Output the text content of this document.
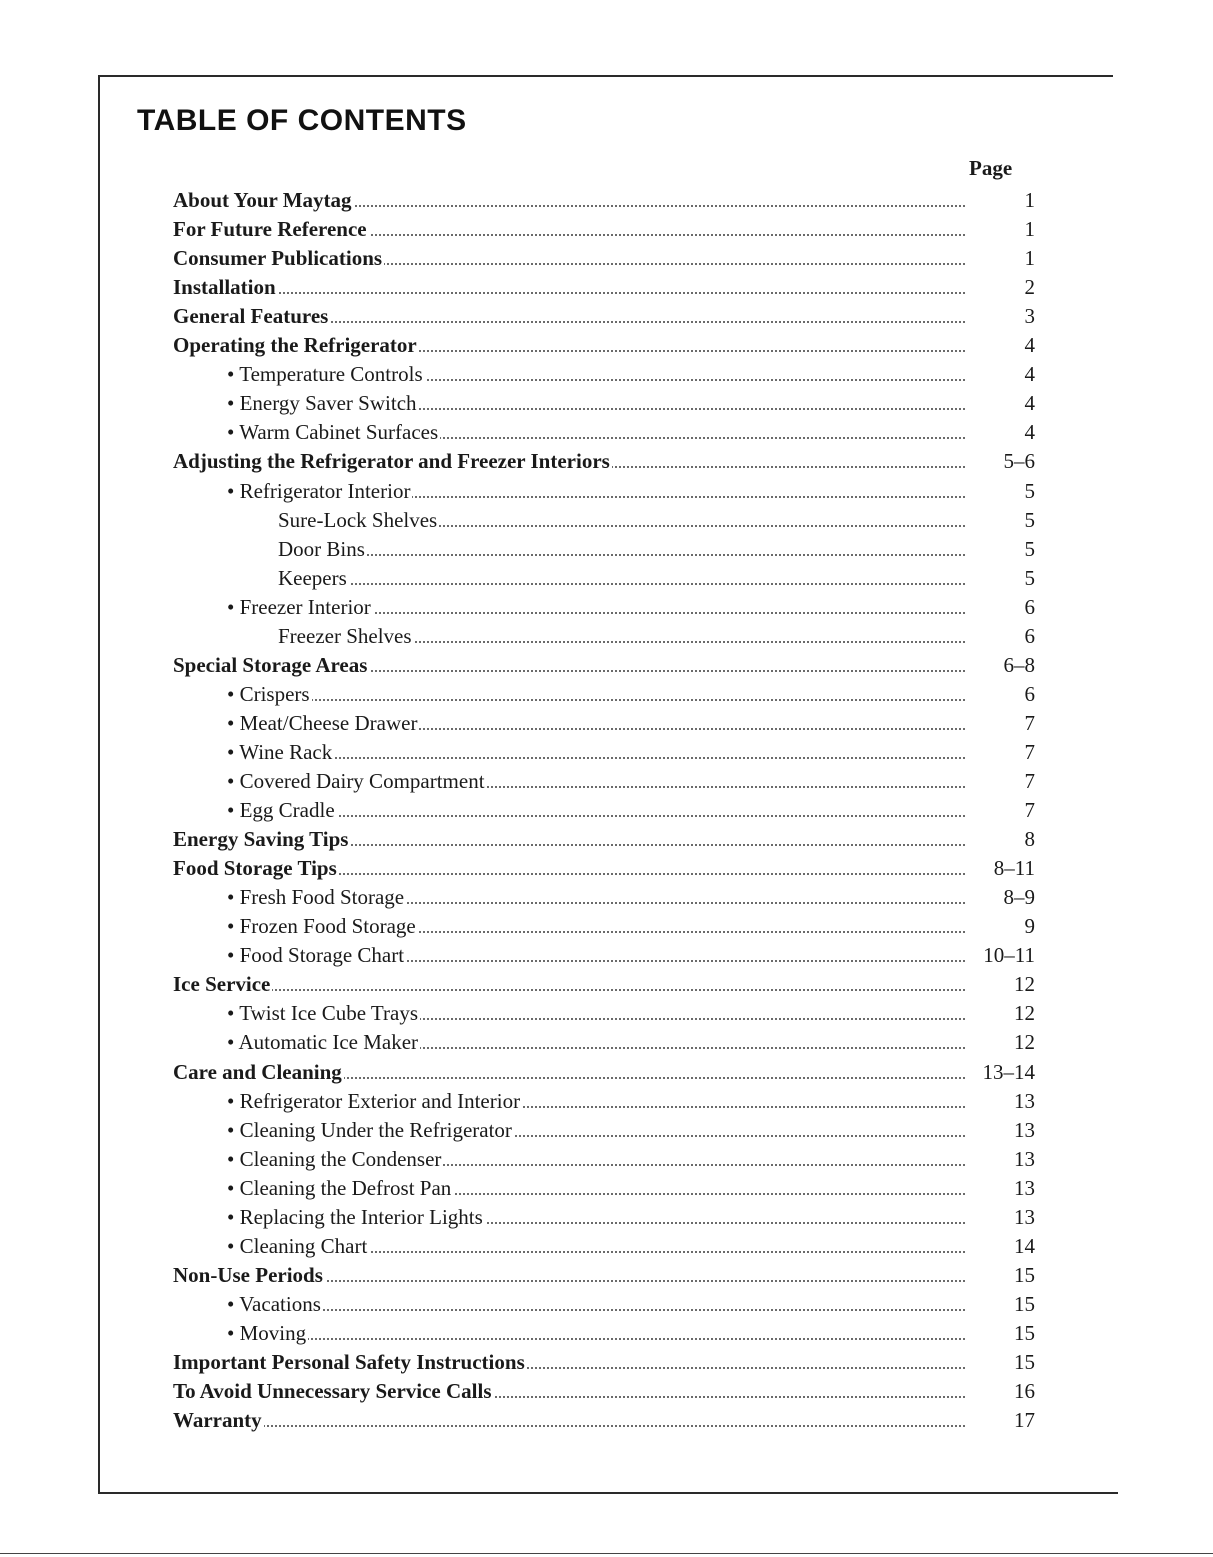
TABLE OF CONTENTS
Page
About Your Maytag	1
For Future Reference	1
Consumer Publications	1
Installation	2
General Features	3
Operating the Refrigerator	4
• Temperature Controls	4
• Energy Saver Switch	4
• Warm Cabinet Surfaces	4
Adjusting the Refrigerator and Freezer Interiors	5–6
• Refrigerator Interior	5
Sure-Lock Shelves	5
Door Bins	5
Keepers	5
• Freezer Interior	6
Freezer Shelves	6
Special Storage Areas	6–8
• Crispers	6
• Meat/Cheese Drawer	7
• Wine Rack	7
• Covered Dairy Compartment	7
• Egg Cradle	7
Energy Saving Tips	8
Food Storage Tips	8–11
• Fresh Food Storage	8–9
• Frozen Food Storage	9
• Food Storage Chart	10–11
Ice Service	12
• Twist Ice Cube Trays	12
• Automatic Ice Maker	12
Care and Cleaning	13–14
• Refrigerator Exterior and Interior	13
• Cleaning Under the Refrigerator	13
• Cleaning the Condenser	13
• Cleaning the Defrost Pan	13
• Replacing the Interior Lights	13
• Cleaning Chart	14
Non-Use Periods	15
• Vacations	15
• Moving	15
Important Personal Safety Instructions	15
To Avoid Unnecessary Service Calls	16
Warranty	17
